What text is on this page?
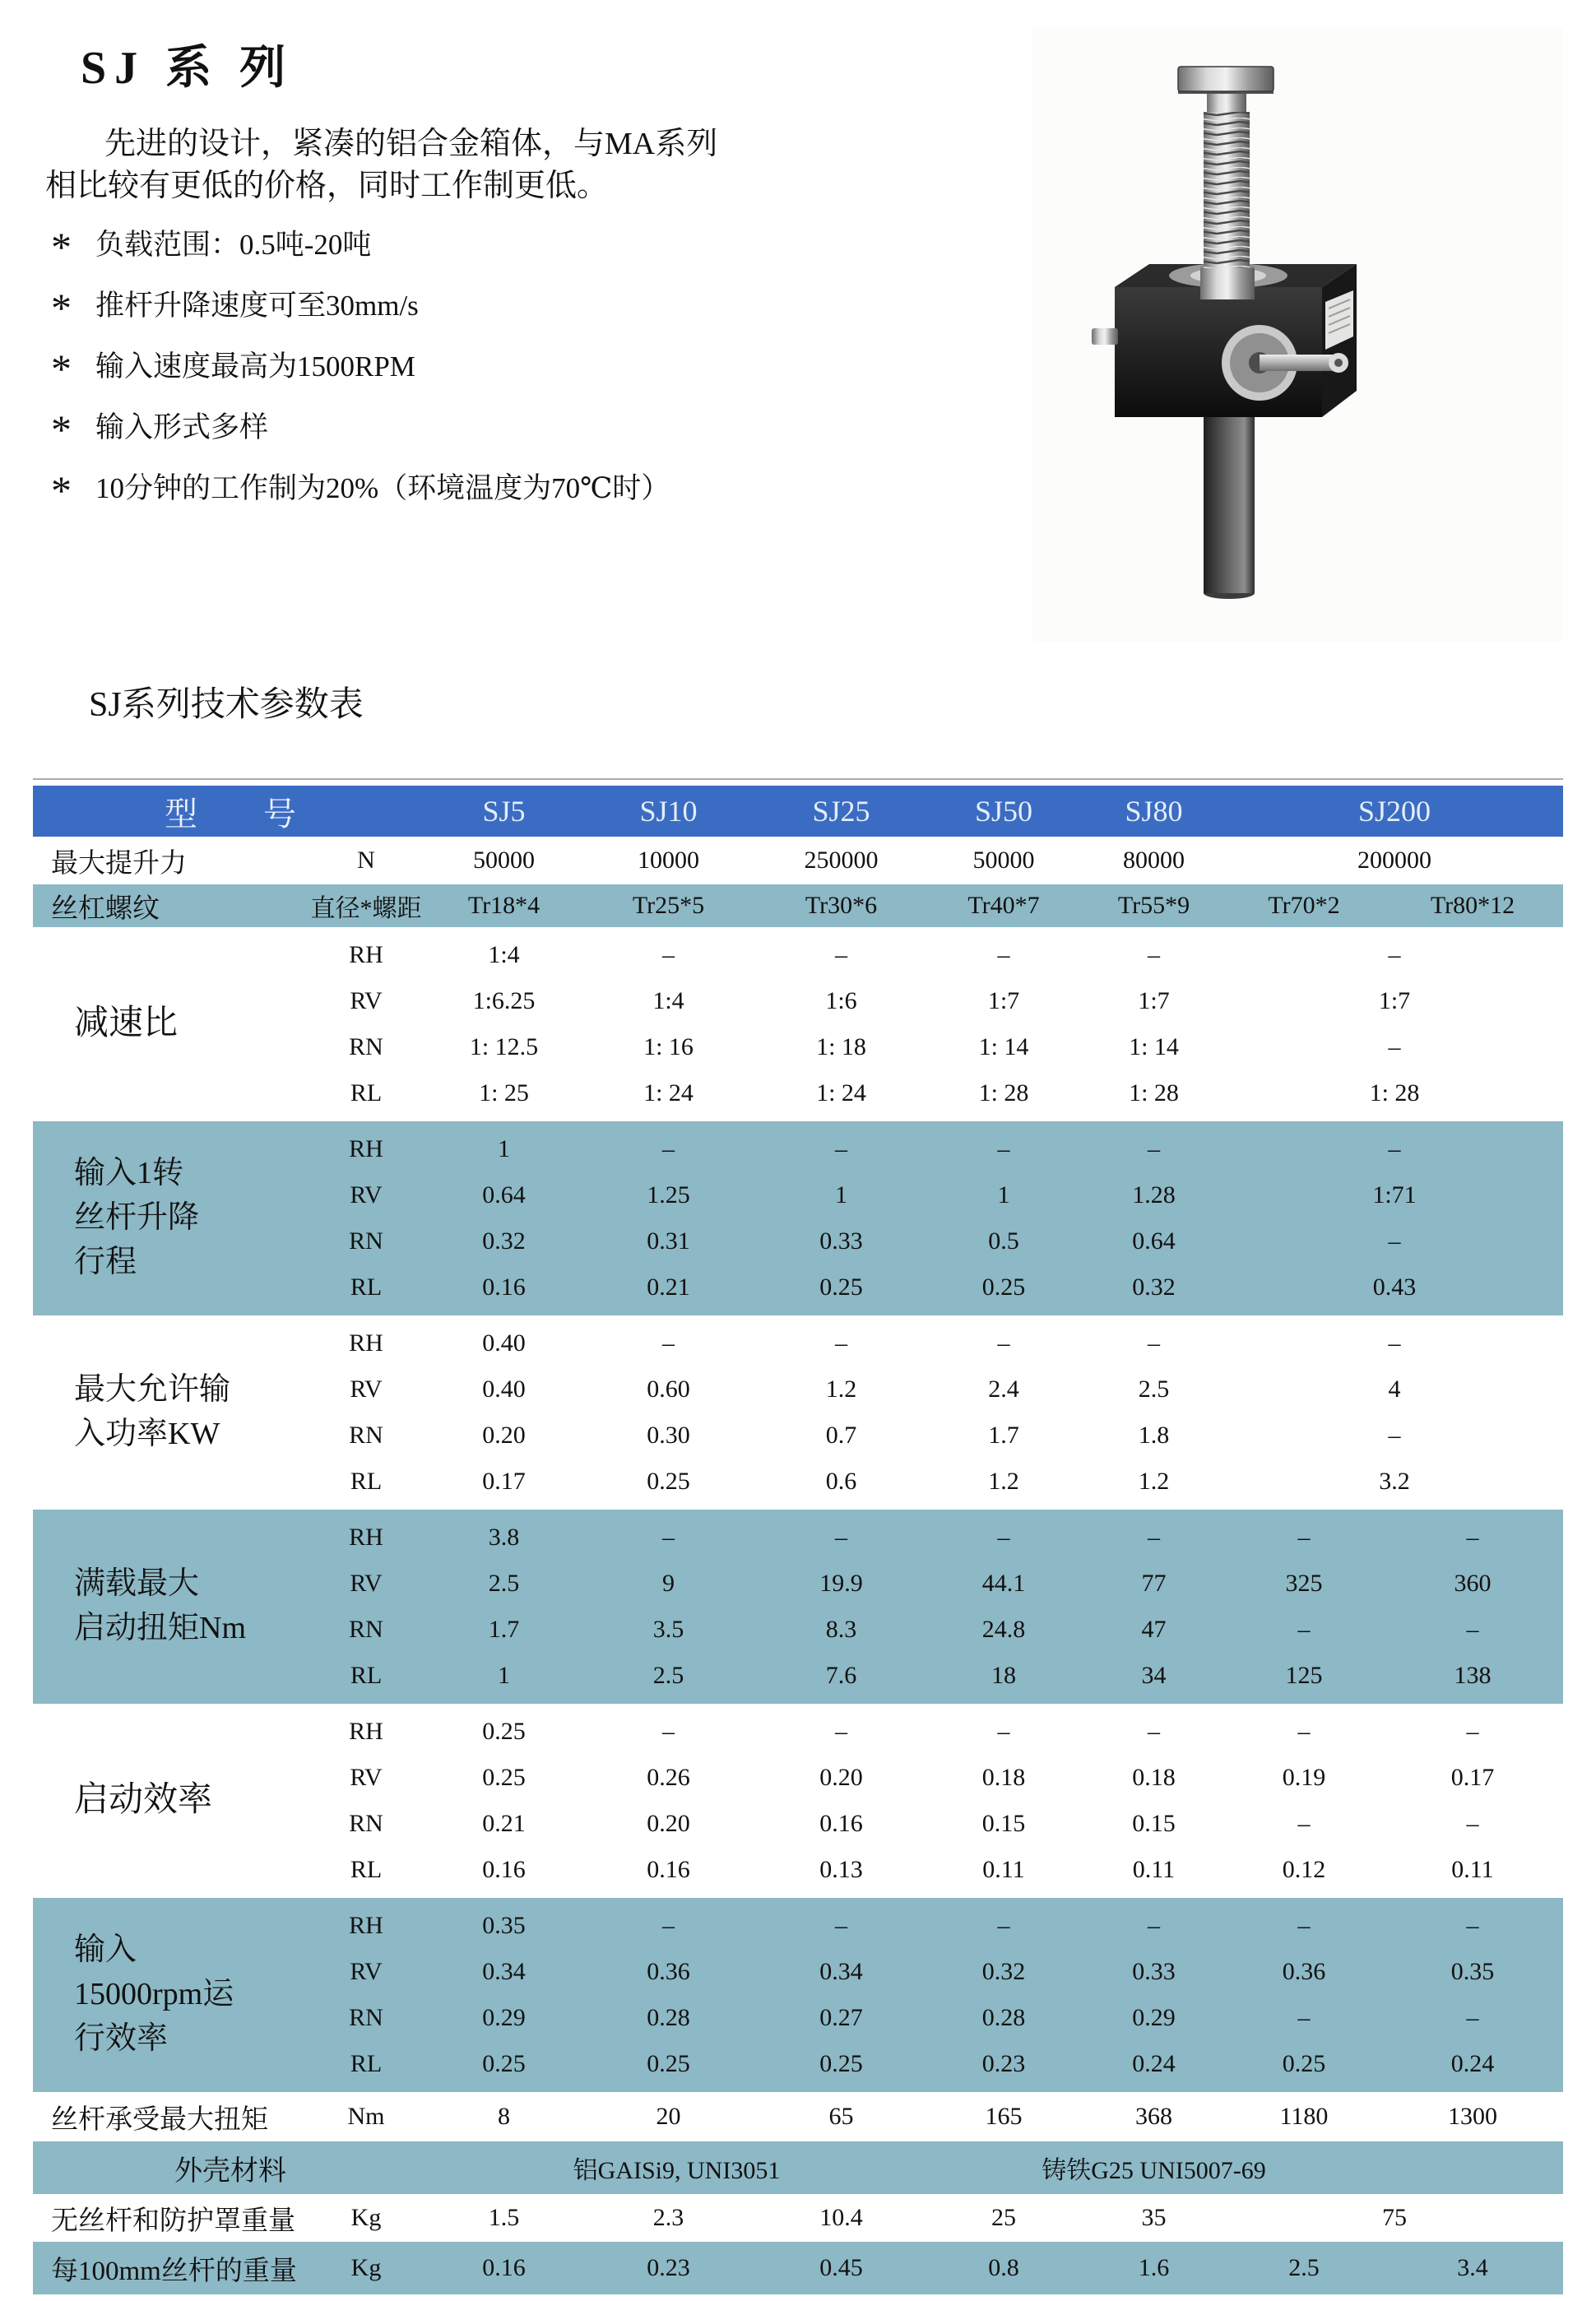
SJ 系 列

先进的设计，紧凑的铝合金箱体，与MA系列
相比较有更低的价格，同时工作制更低。

* 负载范围：0.5吨-20吨
* 推杆升降速度可至30mm/s
* 输入速度最高为1500RPM
* 输入形式多样
* 10分钟的工作制为20%（环境温度为70℃时）
SJ系列技术参数表
型　　号	SJ5	SJ10	SJ25	SJ50	SJ80	SJ200
最大提升力	N	50000	10000	250000	50000	80000	200000
丝杠螺纹	直径*螺距	Tr18*4	Tr25*5	Tr30*6	Tr40*7	Tr55*9	Tr70*2	Tr80*12
减速比
RH	1:4	–	–	–	–	–
RV	1:6.25	1:4	1:6	1:7	1:7	1:7
RN	1: 12.5	1: 16	1: 18	1: 14	1: 14	–
RL	1: 25	1: 24	1: 24	1: 28	1: 28	1: 28
输入1转
丝杆升降
行程
RH	1	–	–	–	–	–
RV	0.64	1.25	1	1	1.28	1:71
RN	0.32	0.31	0.33	0.5	0.64	–
RL	0.16	0.21	0.25	0.25	0.32	0.43
最大允许输
入功率KW
RH	0.40	–	–	–	–	–
RV	0.40	0.60	1.2	2.4	2.5	4
RN	0.20	0.30	0.7	1.7	1.8	–
RL	0.17	0.25	0.6	1.2	1.2	3.2
满载最大
启动扭矩Nm
RH	3.8	–	–	–	–	–	–
RV	2.5	9	19.9	44.1	77	325	360
RN	1.7	3.5	8.3	24.8	47	–	–
RL	1	2.5	7.6	18	34	125	138
启动效率
RH	0.25	–	–	–	–	–	–
RV	0.25	0.26	0.20	0.18	0.18	0.19	0.17
RN	0.21	0.20	0.16	0.15	0.15	–	–
RL	0.16	0.16	0.13	0.11	0.11	0.12	0.11
输入
15000rpm运
行效率
RH	0.35	–	–	–	–	–	–
RV	0.34	0.36	0.34	0.32	0.33	0.36	0.35
RN	0.29	0.28	0.27	0.28	0.29	–	–
RL	0.25	0.25	0.25	0.23	0.24	0.25	0.24
丝杆承受最大扭矩	Nm	8	20	65	165	368	1180	1300
外壳材料	铝GAISi9, UNI3051	铸铁G25 UNI5007-69
无丝杆和防护罩重量	Kg	1.5	2.3	10.4	25	35	75
每100mm丝杆的重量	Kg	0.16	0.23	0.45	0.8	1.6	2.5	3.4
